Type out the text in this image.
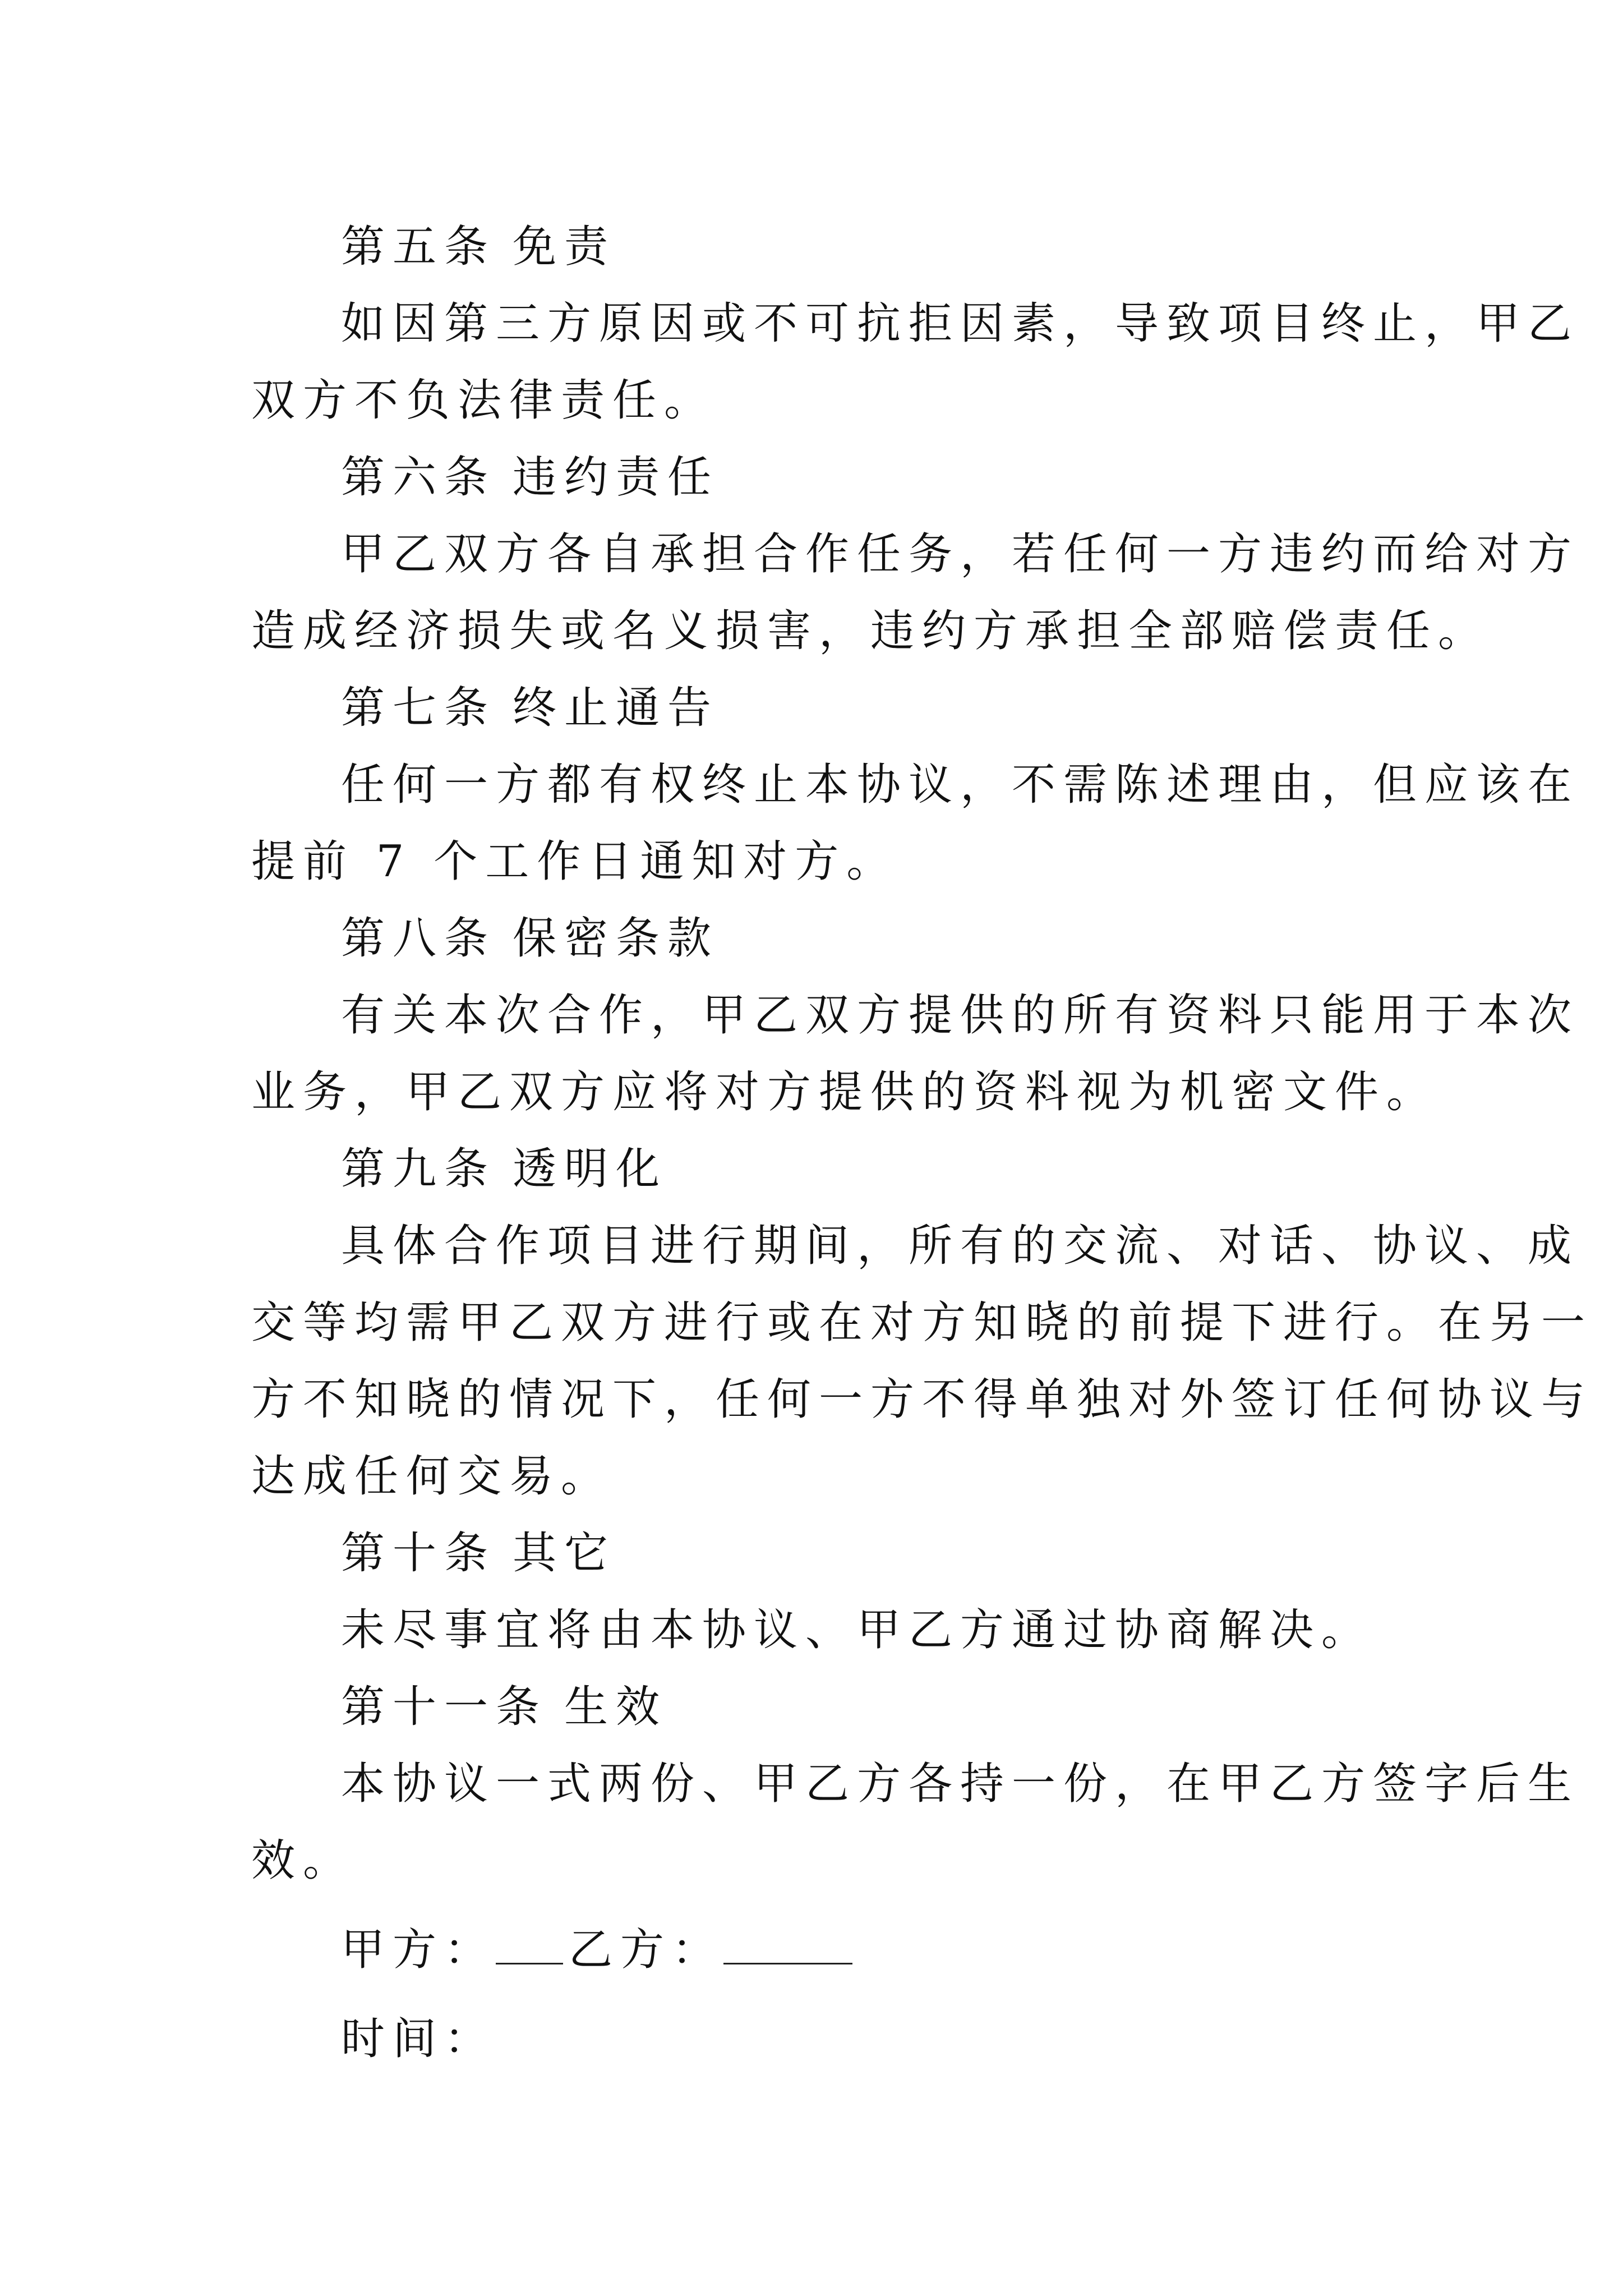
第五条 免责
如因第三方原因或不可抗拒因素，导致项目终止，甲乙
双方不负法律责任。
第六条 违约责任
甲乙双方各自承担合作任务，若任何一方违约而给对方
造成经济损失或名义损害，违约方承担全部赔偿责任。
第七条 终止通告
任何一方都有权终止本协议，不需陈述理由，但应该在
提前 7 个工作日通知对方。
第八条 保密条款
有关本次合作，甲乙双方提供的所有资料只能用于本次
业务，甲乙双方应将对方提供的资料视为机密文件。
第九条 透明化
具体合作项目进行期间，所有的交流、对话、协议、成
交等均需甲乙双方进行或在对方知晓的前提下进行。在另一
方不知晓的情况下，任何一方不得单独对外签订任何协议与
达成任何交易。
第十条 其它
未尽事宜将由本协议、甲乙方通过协商解决。
第十一条 生效
本协议一式两份、甲乙方各持一份，在甲乙方签字后生
效。
甲方： 乙方：
时间：
